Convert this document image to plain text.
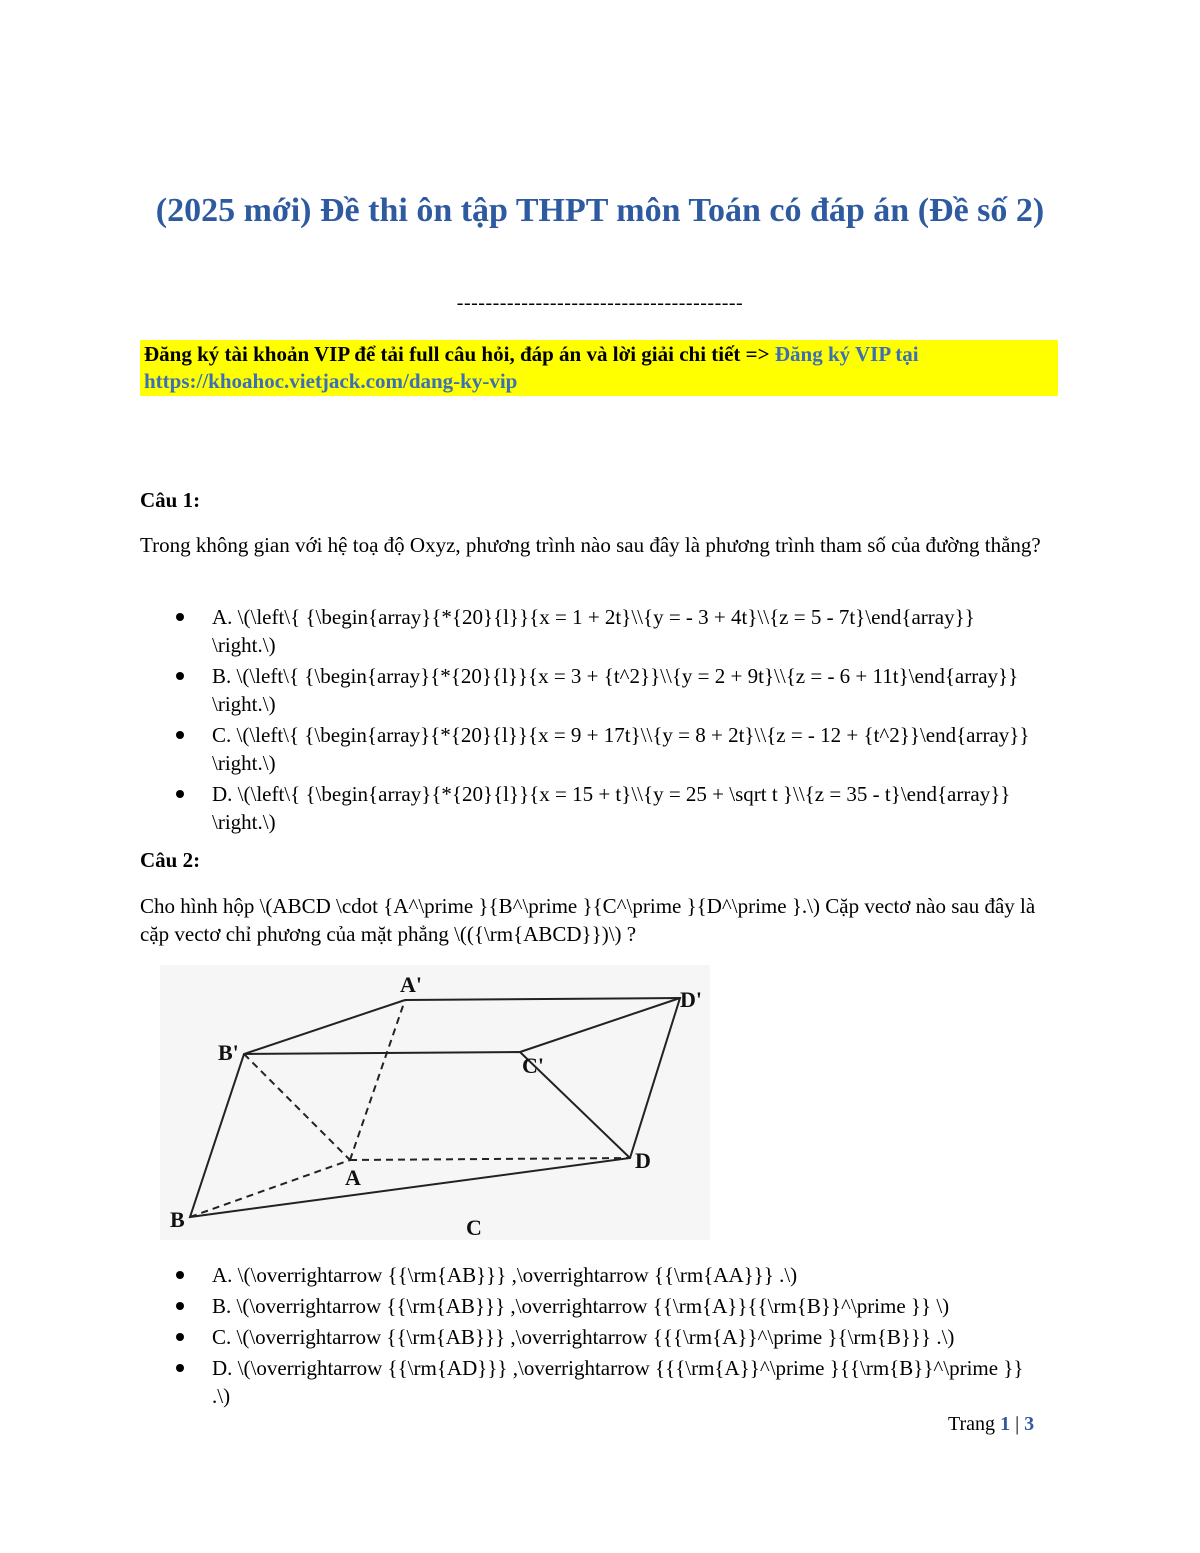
(2025 mới) Đề thi ôn tập THPT môn Toán có đáp án (Đề số 2)
----------------------------------------
Đăng ký tài khoản VIP để tải full câu hỏi, đáp án và lời giải chi tiết => Đăng ký VIP tại
https://khoahoc.vietjack.com/dang-ky-vip
Câu 1:
Trong không gian với hệ toạ độ Oxyz, phương trình nào sau đây là phương trình tham số của đường thẳng?
A. \(\left\{ {\begin{array}{*{20}{l}}{x = 1 + 2t}\\{y = - 3 + 4t}\\{z = 5 - 7t}\end{array}} \right.\)
B. \(\left\{ {\begin{array}{*{20}{l}}{x = 3 + {t^2}}\\{y = 2 + 9t}\\{z = - 6 + 11t}\end{array}} \right.\)
C. \(\left\{ {\begin{array}{*{20}{l}}{x = 9 + 17t}\\{y = 8 + 2t}\\{z = - 12 + {t^2}}\end{array}} \right.\)
D. \(\left\{ {\begin{array}{*{20}{l}}{x = 15 + t}\\{y = 25 + \sqrt t }\\{z = 35 - t}\end{array}} \right.\)
Câu 2:
Cho hình hộp \(ABCD \cdot {A^\prime }{B^\prime }{C^\prime }{D^\prime }.\) Cặp vectơ nào sau đây là cặp vectơ chỉ phương của mặt phẳng \(({\rm{ABCD}})\) ?
A'
D'
B'
C'
A
D
B	C
A. \(\overrightarrow {{\rm{AB}}} ,\overrightarrow {{\rm{AA}}} .\)
B. \(\overrightarrow {{\rm{AB}}} ,\overrightarrow {{\rm{A}}{{\rm{B}}^\prime }} \)
C. \(\overrightarrow {{\rm{AB}}} ,\overrightarrow {{{\rm{A}}^\prime }{\rm{B}}} .\)
D. \(\overrightarrow {{\rm{AD}}} ,\overrightarrow {{{\rm{A}}^\prime }{{\rm{B}}^\prime }} .\)
Trang 1 | 3
